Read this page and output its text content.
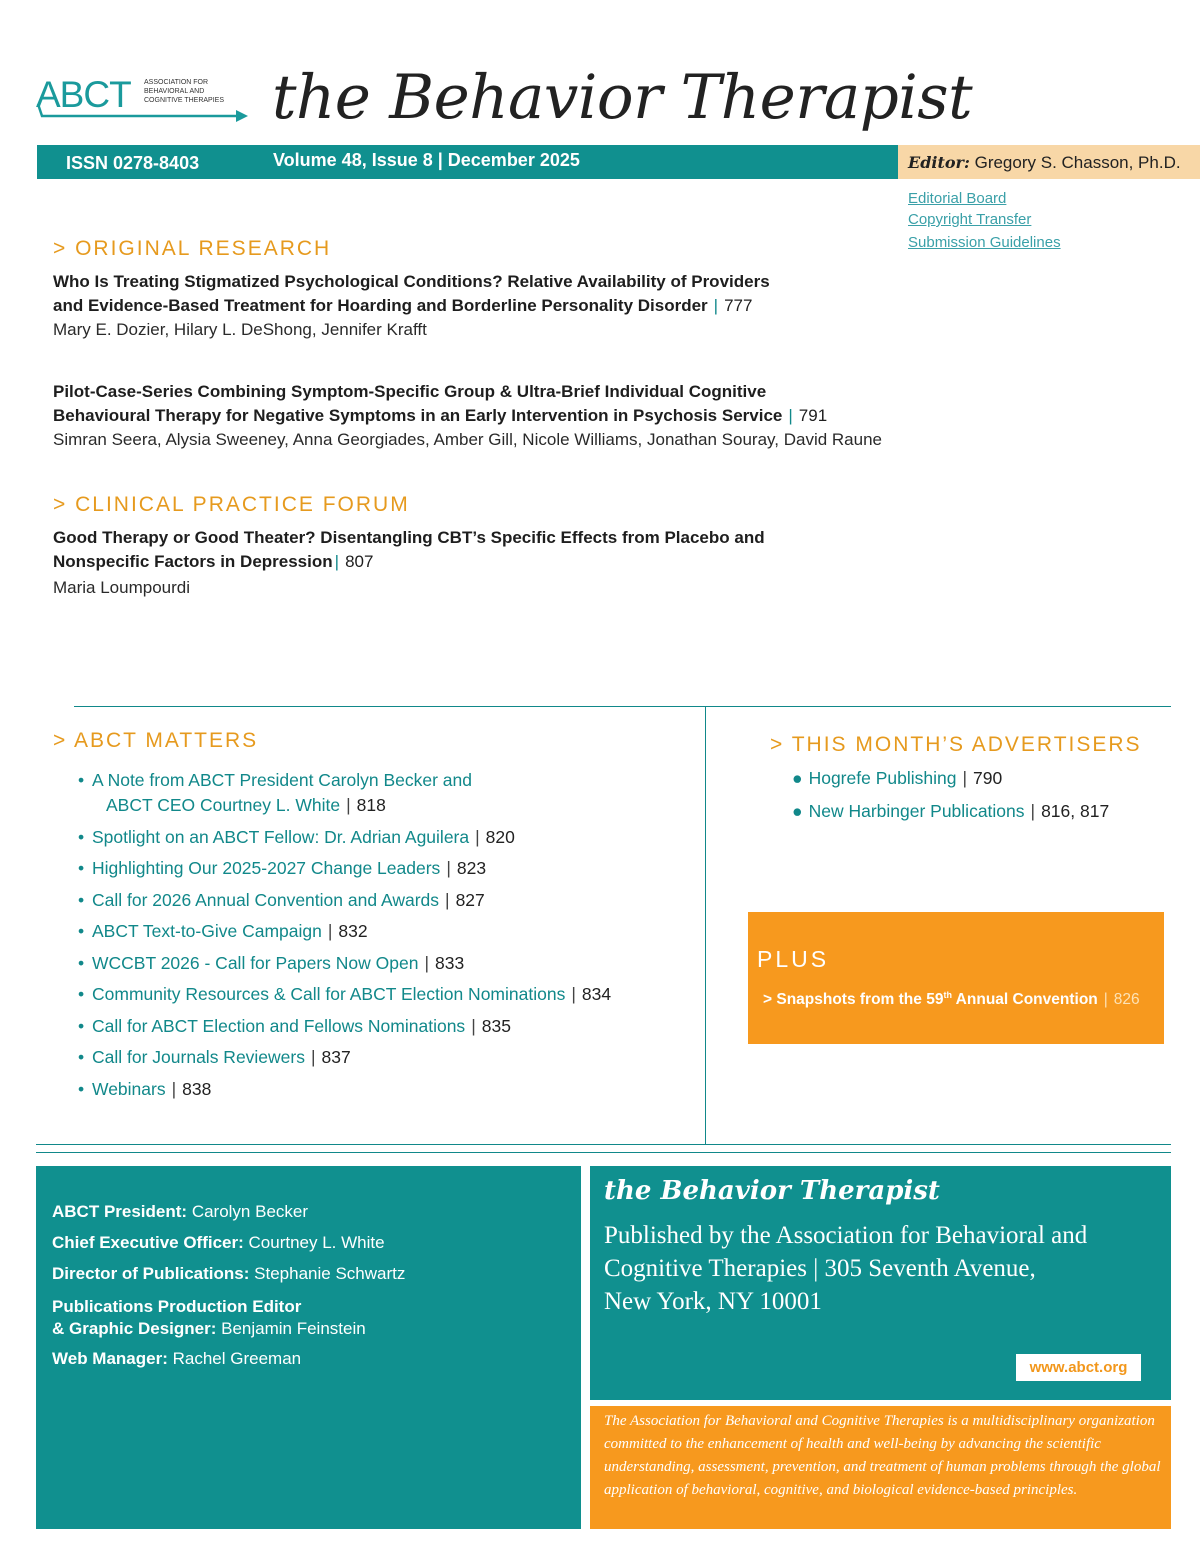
ABCT ASSOCIATION FOR
BEHAVIORAL AND
COGNITIVE THERAPIES the Behavior Therapist
ISSN 0278-8403	Volume 48, Issue 8 | December 2025	Editor: Gregory S. Chasson, Ph.D.
Editorial Board
Copyright Transfer
Submission Guidelines
> ORIGINAL RESEARCH
Who Is Treating Stigmatized Psychological Conditions? Relative Availability of Providers
and Evidence-Based Treatment for Hoarding and Borderline Personality Disorder | 777
Mary E. Dozier, Hilary L. DeShong, Jennifer Krafft
Pilot-Case-Series Combining Symptom-Specific Group & Ultra-Brief Individual Cognitive
Behavioural Therapy for Negative Symptoms in an Early Intervention in Psychosis Service | 791
Simran Seera, Alysia Sweeney, Anna Georgiades, Amber Gill, Nicole Williams, Jonathan Souray, David Raune
> CLINICAL PRACTICE FORUM
Good Therapy or Good Theater? Disentangling CBT’s Specific Effects from Placebo and
Nonspecific Factors in Depression | 807
Maria Loumpourdi
> ABCT MATTERS
• A Note from ABCT President Carolyn Becker and
ABCT CEO Courtney L. White | 818
• Spotlight on an ABCT Fellow: Dr. Adrian Aguilera | 820
• Highlighting Our 2025-2027 Change Leaders | 823
• Call for 2026 Annual Convention and Awards | 827
• ABCT Text-to-Give Campaign | 832
• WCCBT 2026 - Call for Papers Now Open | 833
• Community Resources & Call for ABCT Election Nominations | 834
• Call for ABCT Election and Fellows Nominations | 835
• Call for Journals Reviewers | 837
• Webinars | 838
> THIS MONTH’S ADVERTISERS
● Hogrefe Publishing | 790
● New Harbinger Publications | 816, 817
PLUS
> Snapshots from the 59th Annual Convention | 826
ABCT President: Carolyn Becker
Chief Executive Officer: Courtney L. White
Director of Publications: Stephanie Schwartz
Publications Production Editor
& Graphic Designer: Benjamin Feinstein
Web Manager: Rachel Greeman
the Behavior Therapist
Published by the Association for Behavioral and
Cognitive Therapies | 305 Seventh Avenue,
New York, NY 10001
www.abct.org
The Association for Behavioral and Cognitive Therapies is a multidisciplinary organization committed to the enhancement of health and well-being by advancing the scientific understanding, assessment, prevention, and treatment of human problems through the global application of behavioral, cognitive, and biological evidence-based principles.
